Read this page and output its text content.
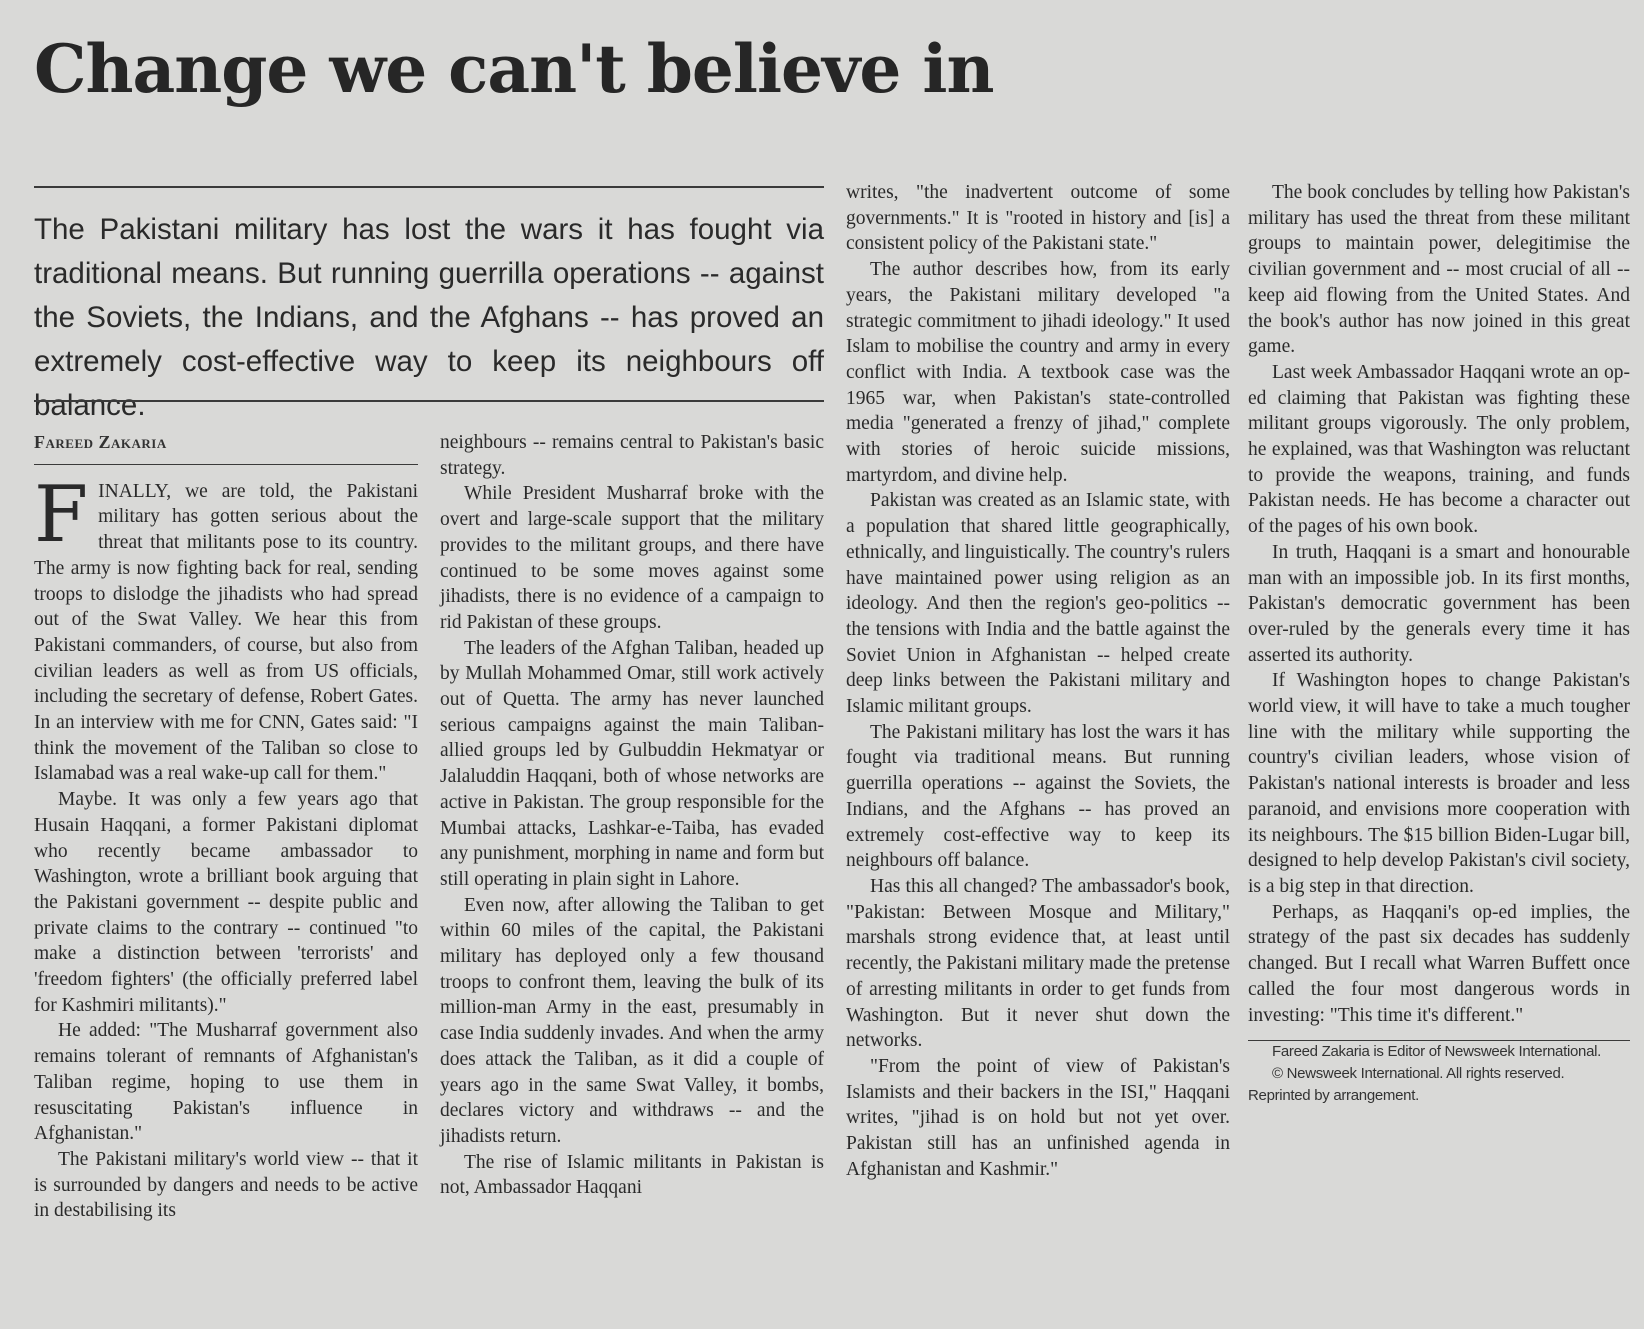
Change we can't believe in

The Pakistani military has lost the wars it has fought via traditional means. But running guerrilla operations -- against the Soviets, the Indians, and the Afghans -- has proved an extremely cost-effective way to keep its neighbours off balance.

Fareed Zakaria

FINALLY, we are told, the Pakistani military has gotten serious about the threat that militants pose to its country. The army is now fighting back for real, sending troops to dislodge the jihadists who had spread out of the Swat Valley. We hear this from Pakistani commanders, of course, but also from civilian leaders as well as from US officials, including the secretary of defense, Robert Gates. In an interview with me for CNN, Gates said: "I think the movement of the Taliban so close to Islamabad was a real wake-up call for them."

Maybe. It was only a few years ago that Husain Haqqani, a former Pakistani diplomat who recently became ambassador to Washington, wrote a brilliant book arguing that the Pakistani government -- despite public and private claims to the contrary -- continued "to make a distinction between 'terrorists' and 'freedom fighters' (the officially preferred label for Kashmiri militants)."

He added: "The Musharraf government also remains tolerant of remnants of Afghanistan's Taliban regime, hoping to use them in resuscitating Pakistan's influence in Afghanistan."

The Pakistani military's world view -- that it is surrounded by dangers and needs to be active in destabilising its

neighbours -- remains central to Pakistan's basic strategy.

While President Musharraf broke with the overt and large-scale support that the military provides to the militant groups, and there have continued to be some moves against some jihadists, there is no evidence of a campaign to rid Pakistan of these groups.

The leaders of the Afghan Taliban, headed up by Mullah Mohammed Omar, still work actively out of Quetta. The army has never launched serious campaigns against the main Taliban-allied groups led by Gulbuddin Hekmatyar or Jalaluddin Haqqani, both of whose networks are active in Pakistan. The group responsible for the Mumbai attacks, Lashkar-e-Taiba, has evaded any punishment, morphing in name and form but still operating in plain sight in Lahore.

Even now, after allowing the Taliban to get within 60 miles of the capital, the Pakistani military has deployed only a few thousand troops to confront them, leaving the bulk of its million-man Army in the east, presumably in case India suddenly invades. And when the army does attack the Taliban, as it did a couple of years ago in the same Swat Valley, it bombs, declares victory and withdraws -- and the jihadists return.

The rise of Islamic militants in Pakistan is not, Ambassador Haqqani

writes, "the inadvertent outcome of some governments." It is "rooted in history and [is] a consistent policy of the Pakistani state."

The author describes how, from its early years, the Pakistani military developed "a strategic commitment to jihadi ideology." It used Islam to mobilise the country and army in every conflict with India. A textbook case was the 1965 war, when Pakistan's state-controlled media "generated a frenzy of jihad," complete with stories of heroic suicide missions, martyrdom, and divine help.

Pakistan was created as an Islamic state, with a population that shared little geographically, ethnically, and linguistically. The country's rulers have maintained power using religion as an ideology. And then the region's geo-politics -- the tensions with India and the battle against the Soviet Union in Afghanistan -- helped create deep links between the Pakistani military and Islamic militant groups.

The Pakistani military has lost the wars it has fought via traditional means. But running guerrilla operations -- against the Soviets, the Indians, and the Afghans -- has proved an extremely cost-effective way to keep its neighbours off balance.

Has this all changed? The ambassador's book, "Pakistan: Between Mosque and Military," marshals strong evidence that, at least until recently, the Pakistani military made the pretense of arresting militants in order to get funds from Washington. But it never shut down the networks.

"From the point of view of Pakistan's Islamists and their backers in the ISI," Haqqani writes, "jihad is on hold but not yet over. Pakistan still has an unfinished agenda in Afghanistan and Kashmir."

The book concludes by telling how Pakistan's military has used the threat from these militant groups to maintain power, delegitimise the civilian government and -- most crucial of all -- keep aid flowing from the United States. And the book's author has now joined in this great game.

Last week Ambassador Haqqani wrote an op-ed claiming that Pakistan was fighting these militant groups vigorously. The only problem, he explained, was that Washington was reluctant to provide the weapons, training, and funds Pakistan needs. He has become a character out of the pages of his own book.

In truth, Haqqani is a smart and honourable man with an impossible job. In its first months, Pakistan's democratic government has been over-ruled by the generals every time it has asserted its authority.

If Washington hopes to change Pakistan's world view, it will have to take a much tougher line with the military while supporting the country's civilian leaders, whose vision of Pakistan's national interests is broader and less paranoid, and envisions more cooperation with its neighbours. The $15 billion Biden-Lugar bill, designed to help develop Pakistan's civil society, is a big step in that direction.

Perhaps, as Haqqani's op-ed implies, the strategy of the past six decades has suddenly changed. But I recall what Warren Buffett once called the four most dangerous words in investing: "This time it's different."

Fareed Zakaria is Editor of Newsweek International.

© Newsweek International. All rights reserved.
Reprinted by arrangement.
